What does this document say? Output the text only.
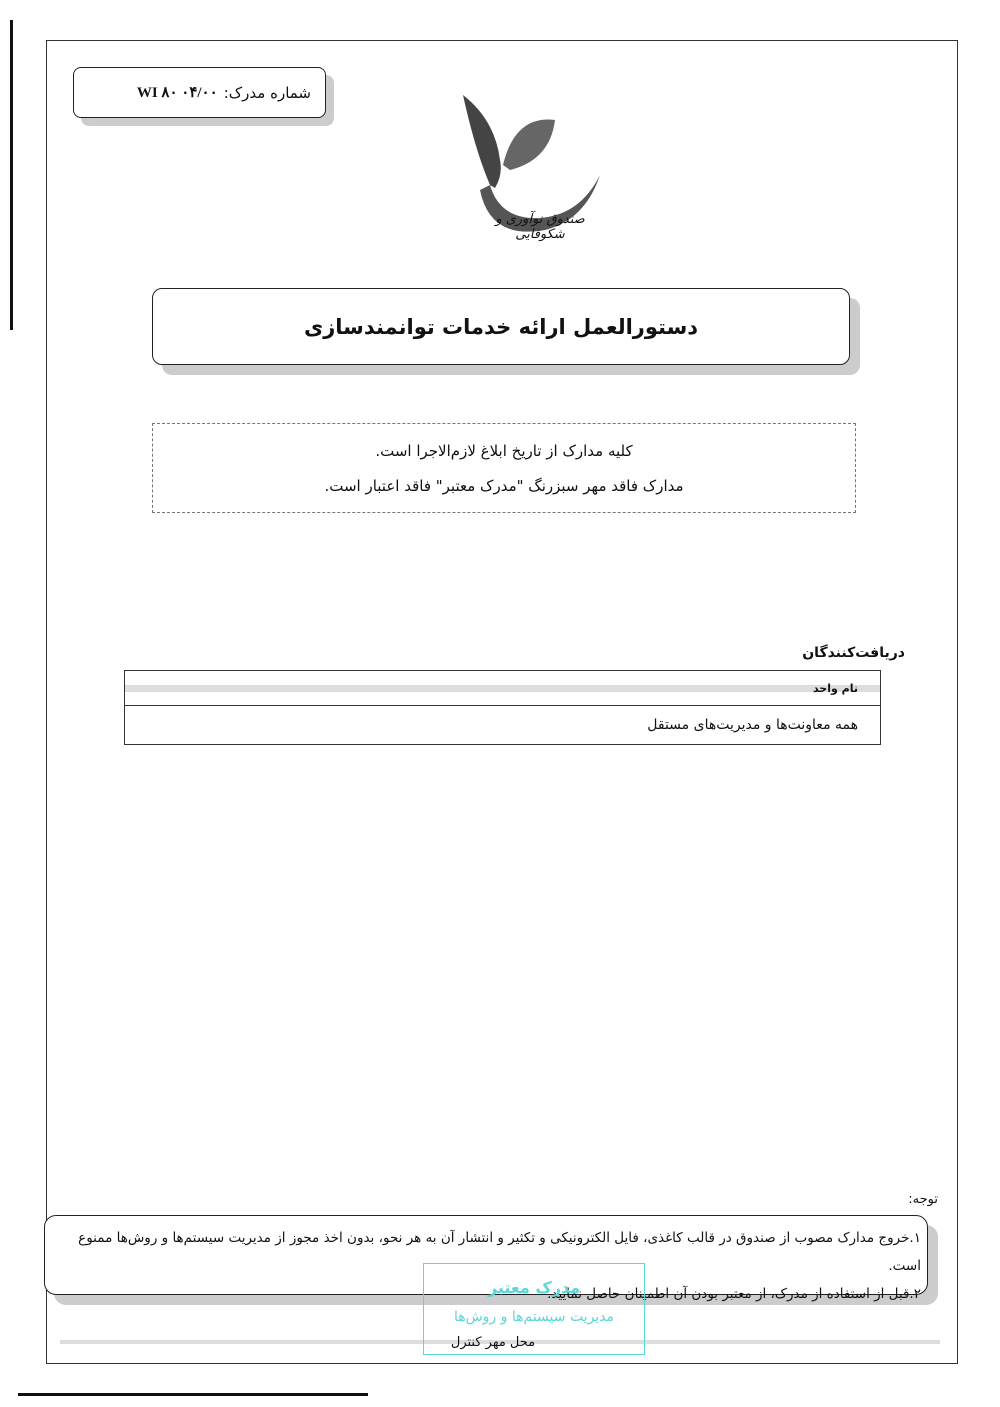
شماره مدرک:
WI ۸۰ ۰۴/۰۰
صندوق نوآوری و شکوفایی
دستورالعمل ارائه خدمات توانمندسازی
کلیه مدارک از تاریخ ابلاغ لازم‌الاجرا است.
مدارک فاقد مهر سبزرنگ "مدرک معتبر" فاقد اعتبار است.
دریافت‌کنندگان
نام واحد
همه معاونت‌ها و مدیریت‌های مستقل
توجه:
۱.خروج مدارک مصوب از صندوق در قالب کاغذی، فایل الکترونیکی و تکثیر و انتشار آن به هر نحو، بدون اخذ مجوز از مدیریت سیستم‌ها و روش‌ها ممنوع است.
۲.قبل از استفاده از مدرک، از معتبر بودن آن اطمینان حاصل نمایید.
مدرک معتبر
مدیریت سیستم‌ها و روش‌ها
محل مهر کنترل
